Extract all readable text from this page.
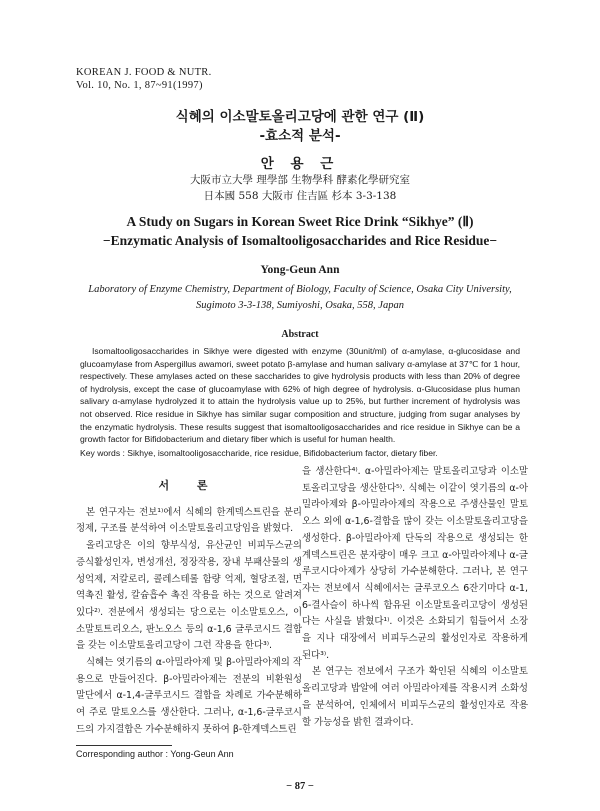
KOREAN J. FOOD & NUTR.
Vol. 10, No. 1, 87~91(1997)
식혜의 이소말토올리고당에 관한 연구 (Ⅱ)
-효소적 분석-
안 용 근
大阪市立大學 理學部 生物學科 酵素化學研究室
日本國 558 大阪市 住吉區 杉本 3-3-138
A Study on Sugars in Korean Sweet Rice Drink “Sikhye” (Ⅱ)
−Enzymatic Analysis of Isomaltooligosaccharides and Rice Residue−
Yong-Geun Ann
Laboratory of Enzyme Chemistry, Department of Biology, Faculty of Science, Osaka City University,
Sugimoto 3-3-138, Sumiyoshi, Osaka, 558, Japan
Abstract

Isomaltooligosaccharides in Sikhye were digested with enzyme (30unit/ml) of α-amylase, α-glucosidase and glucoamylase from Aspergillus awamori, sweet potato β-amylase and human salivary α-amylase at 37℃ for 1 hour, respectively. These amylases acted on these saccharides to give hydrolysis products with less than 20% of degree of hydrolysis, except the case of glucoamylase with 62% of high degree of hydrolysis. α-Glucosidase plus human salivary α-amylase hydrolyzed it to attain the hydrolysis value up to 25%, but further increment of hydrolysis was not observed. Rice residue in Sikhye has similar sugar composition and structure, judging from sugar analyses by the enzymatic hydrolysis. These results suggest that isomaltooligosaccharides and rice residue in Sikhye can be a growth factor for Bifidobacterium and dietary fiber which is useful for human health.

Key words : Sikhye, isomaltooligosaccharide, rice residue, Bifidobacterium factor, dietary fiber.

서 론

본 연구자는 전보¹⁾에서 식혜의 한계덱스트린을 분리 정제, 구조를 분석하여 이소말토올리고당임을 밝혔다.

올리고당은 이의 향부식성, 유산균인 비피두스균의 증식활성인자, 변성개선, 정장작용, 장내 부패산물의 생성억제, 저칼로리, 콜레스테롤 함량 억제, 혈당조절, 면역촉진 활성, 칼슘흡수 촉진 작용을 하는 것으로 알려져 있다²⁾. 전분에서 생성되는 당으로는 이소말토오스, 이소말토트리오스, 판노오스 등의 α-1,6 글루코시드 결합을 갖는 이소말토올리고당이 그런 작용을 한다³⁾.

식혜는 엿기름의 α-아밀라아제 및 β-아밀라아제의 작용으로 만들어진다. β-아밀라아제는 전분의 비환원성 말단에서 α-1,4-글루코시드 결합을 차례로 가수분해하여 주로 말토오스를 생산한다. 그러나, α-1,6-글루코시드의 가지결합은 가수분해하지 못하여 β-한계덱스트린

을 생산한다⁴⁾. α-아밀라아제는 말토올리고당과 이소말토올리고당을 생산한다⁵⁾. 식혜는 이같이 엿기름의 α-아밀라아제와 β-아밀라아제의 작용으로 주생산물인 말토오스 외에 α-1,6-결합을 많이 갖는 이소말토올리고당을 생성한다. β-아밀라아제 단독의 작용으로 생성되는 한계덱스트린은 분자량이 매우 크고 α-아밀라아제나 α-글루코시다아제가 상당히 가수분해한다. 그러나, 본 연구자는 전보에서 식혜에서는 글루코오스 6잔기마다 α-1, 6-결사슬이 하나씩 함유된 이소말토올리고당이 생성된다는 사실을 밝혔다¹⁾. 이것은 소화되기 힘들어서 소장을 지나 대장에서 비피두스균의 활성인자로 작용하게 된다³⁾.

본 연구는 전보에서 구조가 확인된 식혜의 이소말토올리고당과 밥알에 여러 아밀라아제를 작용시켜 소화성을 분석하여, 인체에서 비피두스균의 활성인자로 작용할 가능성을 밝힌 결과이다.

Corresponding author : Yong-Geun Ann
− 87 −
